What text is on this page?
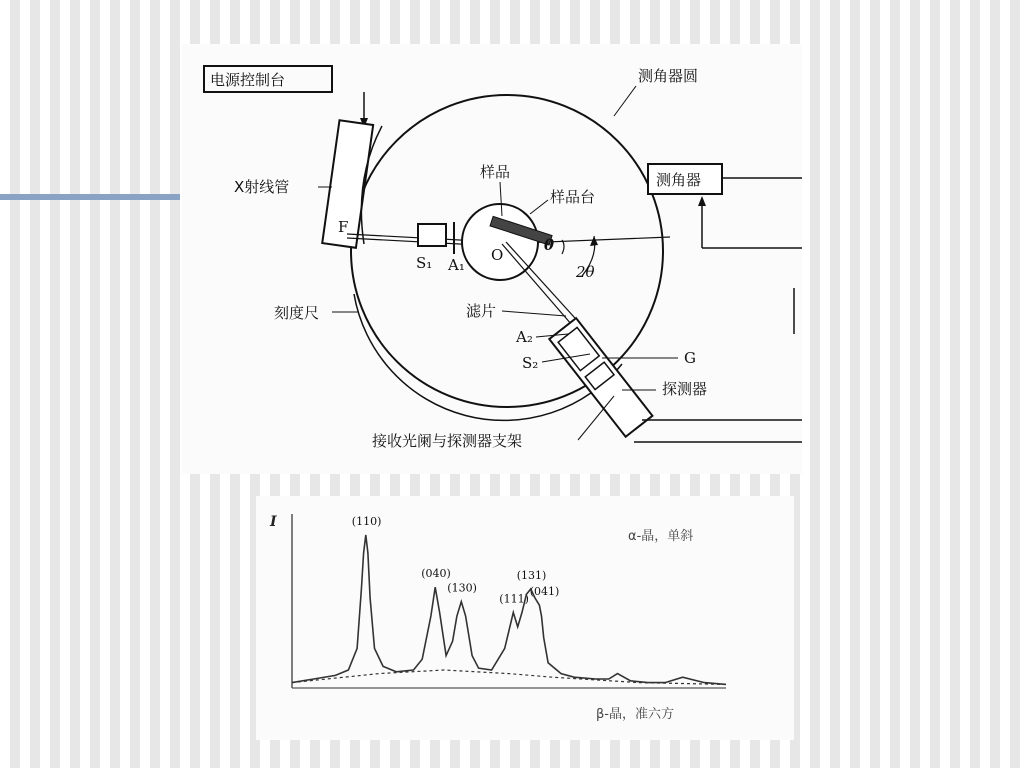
电源控制台	测角器圆
刻度尺
X射线管
F
S₁ A₁
样品
样品台
O
θ
2θ
滤片
A₂
S₂	G
探测器
接收光阑与探测器支架
测角器
I
α-晶，单斜
β-晶，准六方
(110)
(040)
(130)
(111)
(131)
(041)
